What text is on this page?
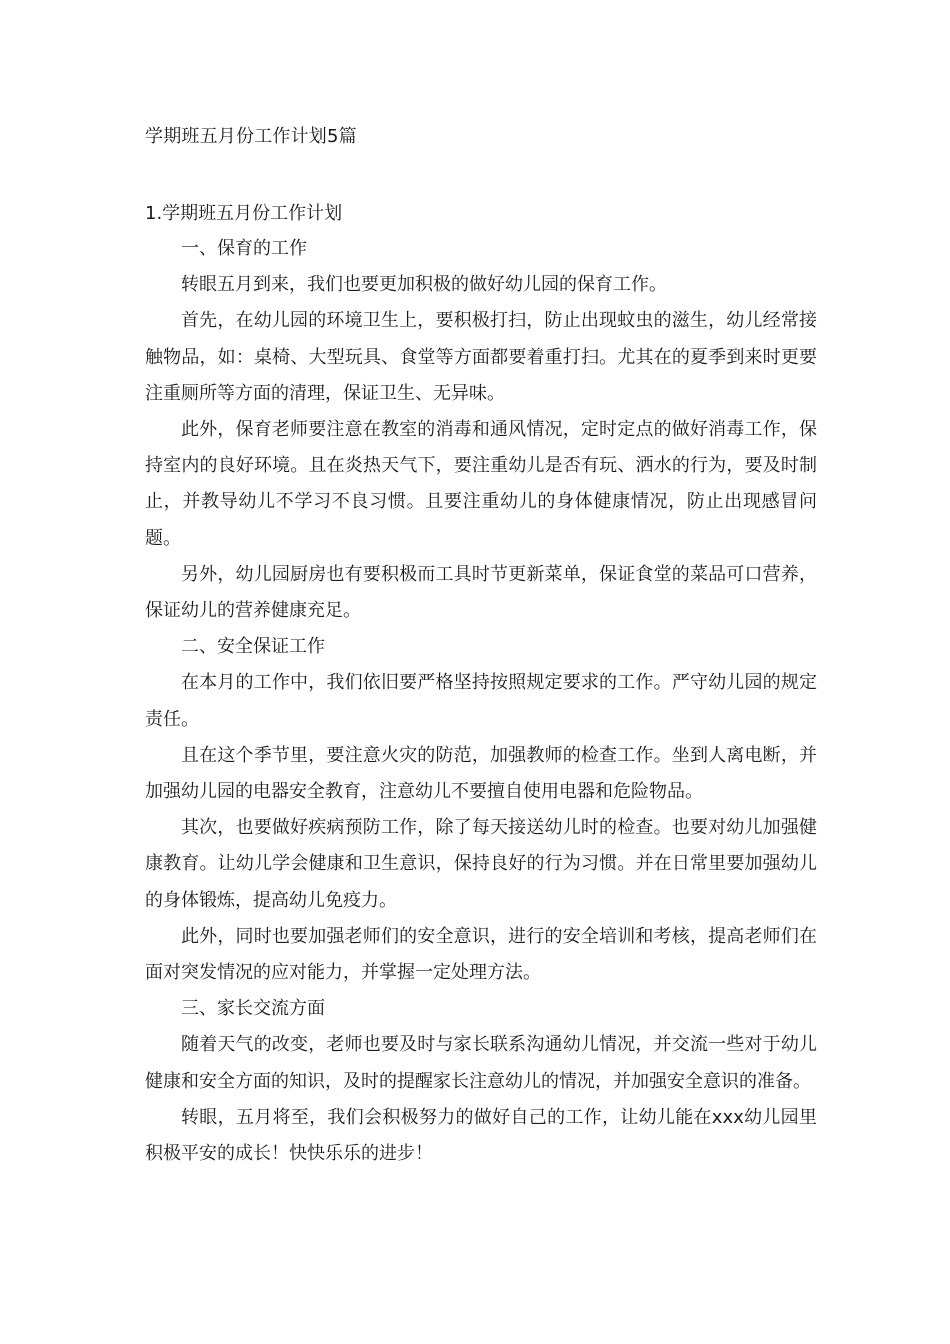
学期班五月份工作计划5篇
1.学期班五月份工作计划

一、保育的工作

转眼五月到来，我们也要更加积极的做好幼儿园的保育工作。

首先，在幼儿园的环境卫生上，要积极打扫，防止出现蚊虫的滋生，幼儿经常接触物品，如：桌椅、大型玩具、食堂等方面都要着重打扫。尤其在的夏季到来时更要注重厕所等方面的清理，保证卫生、无异味。

此外，保育老师要注意在教室的消毒和通风情况，定时定点的做好消毒工作，保持室内的良好环境。且在炎热天气下，要注重幼儿是否有玩、洒水的行为，要及时制止，并教导幼儿不学习不良习惯。且要注重幼儿的身体健康情况，防止出现感冒问题。

另外，幼儿园厨房也有要积极而工具时节更新菜单，保证食堂的菜品可口营养，保证幼儿的营养健康充足。

二、安全保证工作

在本月的工作中，我们依旧要严格坚持按照规定要求的工作。严守幼儿园的规定责任。

且在这个季节里，要注意火灾的防范，加强教师的检查工作。坐到人离电断，并加强幼儿园的电器安全教育，注意幼儿不要擅自使用电器和危险物品。

其次，也要做好疾病预防工作，除了每天接送幼儿时的检查。也要对幼儿加强健康教育。让幼儿学会健康和卫生意识，保持良好的行为习惯。并在日常里要加强幼儿的身体锻炼，提高幼儿免疫力。

此外，同时也要加强老师们的安全意识，进行的安全培训和考核，提高老师们在面对突发情况的应对能力，并掌握一定处理方法。

三、家长交流方面

随着天气的改变，老师也要及时与家长联系沟通幼儿情况，并交流一些对于幼儿健康和安全方面的知识，及时的提醒家长注意幼儿的情况，并加强安全意识的准备。

转眼，五月将至，我们会积极努力的做好自己的工作，让幼儿能在xxx幼儿园里积极平安的成长！快快乐乐的进步！
